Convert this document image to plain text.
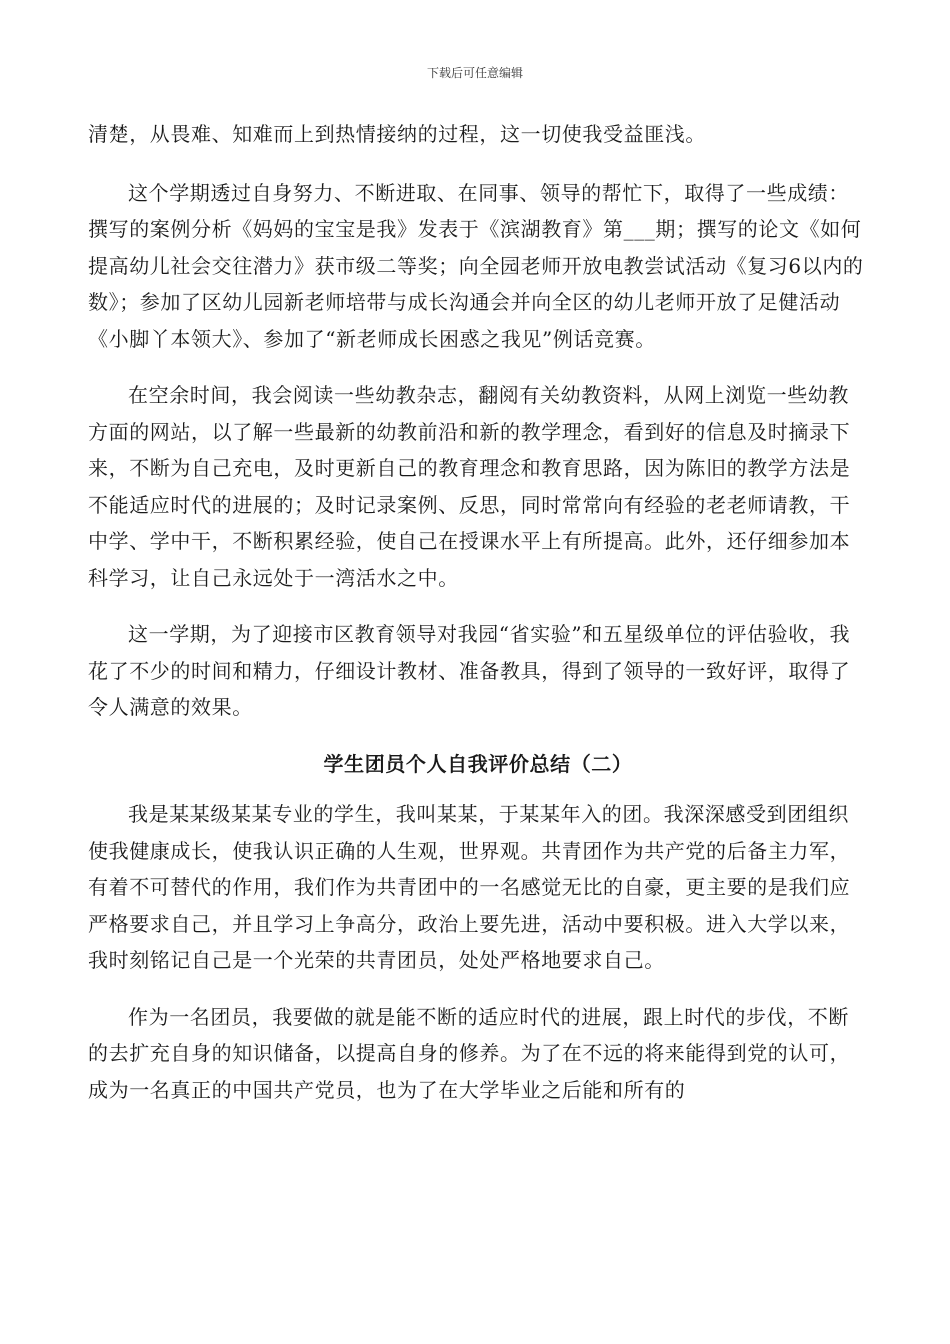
下载后可任意编辑

清楚，从畏难、知难而上到热情接纳的过程，这一切使我受益匪浅。

这个学期透过自身努力、不断进取、在同事、领导的帮忙下，取得了一些成绩：撰写的案例分析《妈妈的宝宝是我》发表于《滨湖教育》第___期；撰写的论文《如何提高幼儿社会交往潜力》获市级二等奖；向全园老师开放电教尝试活动《复习6以内的数》；参加了区幼儿园新老师培带与成长沟通会并向全区的幼儿老师开放了足健活动《小脚丫本领大》、参加了“新老师成长困惑之我见”例话竞赛。

在空余时间，我会阅读一些幼教杂志，翻阅有关幼教资料，从网上浏览一些幼教方面的网站，以了解一些最新的幼教前沿和新的教学理念，看到好的信息及时摘录下来，不断为自己充电，及时更新自己的教育理念和教育思路，因为陈旧的教学方法是不能适应时代的进展的；及时记录案例、反思，同时常常向有经验的老老师请教，干中学、学中干，不断积累经验，使自己在授课水平上有所提高。此外，还仔细参加本科学习，让自己永远处于一湾活水之中。

这一学期，为了迎接市区教育领导对我园“省实验”和五星级单位的评估验收，我花了不少的时间和精力，仔细设计教材、准备教具，得到了领导的一致好评，取得了令人满意的效果。

学生团员个人自我评价总结（二）

我是某某级某某专业的学生，我叫某某，于某某年入的团。我深深感受到团组织使我健康成长，使我认识正确的人生观，世界观。共青团作为共产党的后备主力军，有着不可替代的作用，我们作为共青团中的一名感觉无比的自豪，更主要的是我们应严格要求自己，并且学习上争高分，政治上要先进，活动中要积极。进入大学以来，我时刻铭记自己是一个光荣的共青团员，处处严格地要求自己。

作为一名团员，我要做的就是能不断的适应时代的进展，跟上时代的步伐，不断的去扩充自身的知识储备，以提高自身的修养。为了在不远的将来能得到党的认可，成为一名真正的中国共产党员，也为了在大学毕业之后能和所有的
